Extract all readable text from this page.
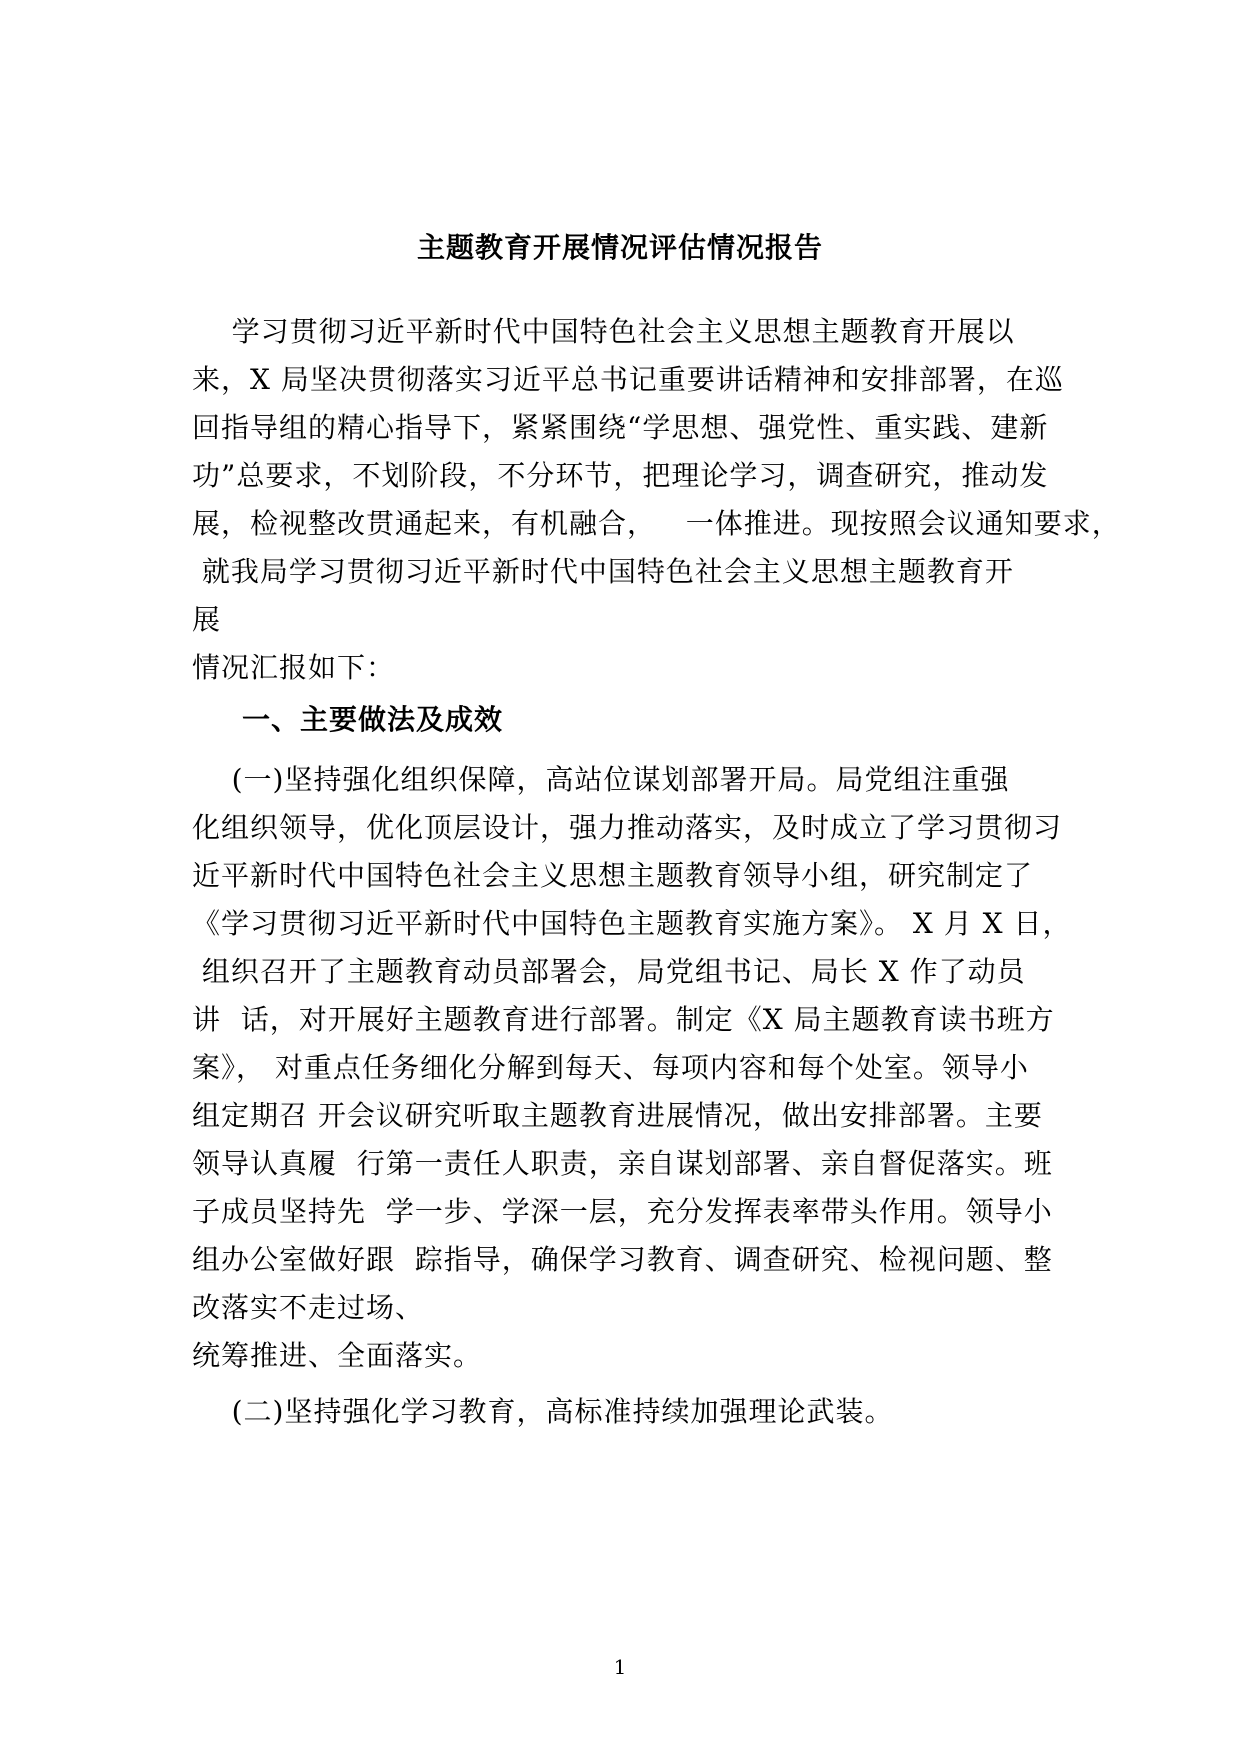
主题教育开展情况评估情况报告
学习贯彻习近平新时代中国特色社会主义思想主题教育开展以
来，X 局坚决贯彻落实习近平总书记重要讲话精神和安排部署，在巡
回指导组的精心指导下，紧紧围绕“学思想、强党性、重实践、建新
功”总要求，不划阶段，不分环节，把理论学习，调查研究，推动发
展，检视整改贯通起来，有机融合，   一体推进。现按照会议通知要求，
就我局学习贯彻习近平新时代中国特色社会主义思想主题教育开
展
情况汇报如下：
一、主要做法及成效
(一)坚持强化组织保障，高站位谋划部署开局。局党组注重强
化组织领导，优化顶层设计，强力推动落实，及时成立了学习贯彻习
近平新时代中国特色社会主义思想主题教育领导小组，研究制定了
《学习贯彻习近平新时代中国特色主题教育实施方案》。 X 月 X 日，
组织召开了主题教育动员部署会，局党组书记、局长 X 作了动员
讲  话，对开展好主题教育进行部署。制定《X 局主题教育读书班方
案》， 对重点任务细化分解到每天、每项内容和每个处室。领导小
组定期召 开会议研究听取主题教育进展情况，做出安排部署。主要
领导认真履  行第一责任人职责，亲自谋划部署、亲自督促落实。班
子成员坚持先  学一步、学深一层，充分发挥表率带头作用。领导小
组办公室做好跟  踪指导，确保学习教育、调查研究、检视问题、整
改落实不走过场、
统筹推进、全面落实。
(二)坚持强化学习教育，高标准持续加强理论武装。
1
